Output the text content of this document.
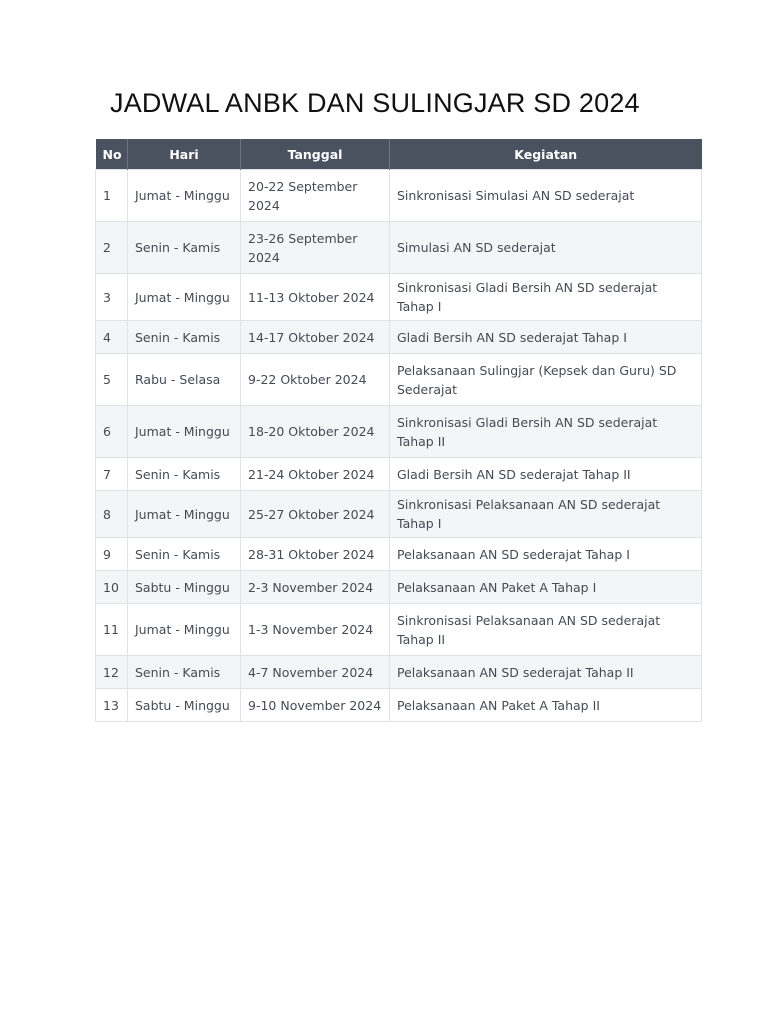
JADWAL ANBK DAN SULINGJAR SD 2024
No	Hari	Tanggal	Kegiatan
1	Jumat - Minggu	20-22 September 2024	Sinkronisasi Simulasi AN SD sederajat
2	Senin - Kamis	23-26 September 2024	Simulasi AN SD sederajat
3	Jumat - Minggu	11-13 Oktober 2024	Sinkronisasi Gladi Bersih AN SD sederajat Tahap I
4	Senin - Kamis	14-17 Oktober 2024	Gladi Bersih AN SD sederajat Tahap I
5	Rabu - Selasa	9-22 Oktober 2024	Pelaksanaan Sulingjar (Kepsek dan Guru) SD Sederajat
6	Jumat - Minggu	18-20 Oktober 2024	Sinkronisasi Gladi Bersih AN SD sederajat Tahap II
7	Senin - Kamis	21-24 Oktober 2024	Gladi Bersih AN SD sederajat Tahap II
8	Jumat - Minggu	25-27 Oktober 2024	Sinkronisasi Pelaksanaan AN SD sederajat Tahap I
9	Senin - Kamis	28-31 Oktober 2024	Pelaksanaan AN SD sederajat Tahap I
10	Sabtu - Minggu	2-3 November 2024	Pelaksanaan AN Paket A Tahap I
11	Jumat - Minggu	1-3 November 2024	Sinkronisasi Pelaksanaan AN SD sederajat Tahap II
12	Senin - Kamis	4-7 November 2024	Pelaksanaan AN SD sederajat Tahap II
13	Sabtu - Minggu	9-10 November 2024	Pelaksanaan AN Paket A Tahap II
